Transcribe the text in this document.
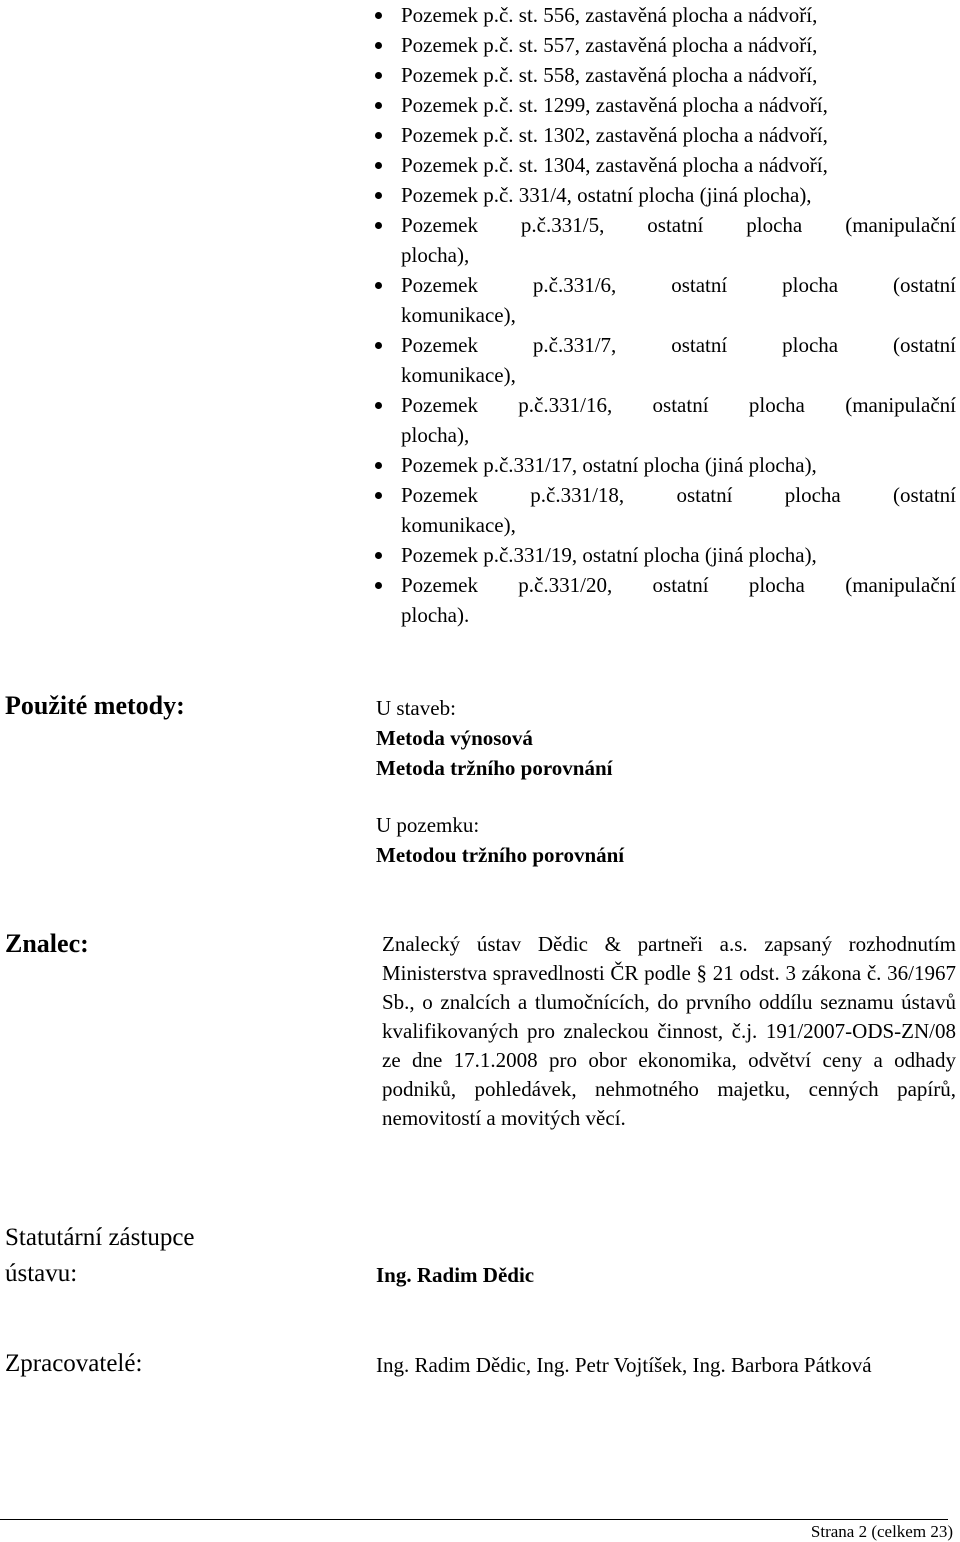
Pozemek p.č. st. 556, zastavěná plocha a nádvoří,
Pozemek p.č. st. 557, zastavěná plocha a nádvoří,
Pozemek p.č. st. 558, zastavěná plocha a nádvoří,
Pozemek p.č. st. 1299, zastavěná plocha a nádvoří,
Pozemek p.č. st. 1302, zastavěná plocha a nádvoří,
Pozemek p.č. st. 1304, zastavěná plocha a nádvoří,
Pozemek p.č. 331/4, ostatní plocha (jiná plocha),
Pozemek p.č.331/5, ostatní plocha (manipulační
plocha),
Pozemek p.č.331/6, ostatní plocha (ostatní
komunikace),
Pozemek p.č.331/7, ostatní plocha (ostatní
komunikace),
Pozemek p.č.331/16, ostatní plocha (manipulační
plocha),
Pozemek p.č.331/17, ostatní plocha (jiná plocha),
Pozemek p.č.331/18, ostatní plocha (ostatní
komunikace),
Pozemek p.č.331/19, ostatní plocha (jiná plocha),
Pozemek p.č.331/20, ostatní plocha (manipulační
plocha).
Použité metody:	U staveb:
Metoda výnosová
Metoda tržního porovnání
U pozemku:
Metodou tržního porovnání
Znalec:	Znalecký ústav Dědic & partneři a.s. zapsaný rozhodnutím Ministerstva spravedlnosti ČR podle § 21 odst. 3 zákona č. 36/1967 Sb., o znalcích a tlumočnících, do prvního oddílu seznamu ústavů kvalifikovaných pro znaleckou činnost, č.j. 191/2007-ODS-ZN/08 ze dne 17.1.2008 pro obor ekonomika, odvětví ceny a odhady podniků, pohledávek, nehmotného majetku, cenných papírů, nemovitostí a movitých věcí.
Statutární zástupce
ústavu:	Ing. Radim Dědic
Zpracovatelé:	Ing. Radim Dědic, Ing. Petr Vojtíšek, Ing. Barbora Pátková
Strana 2 (celkem 23)
